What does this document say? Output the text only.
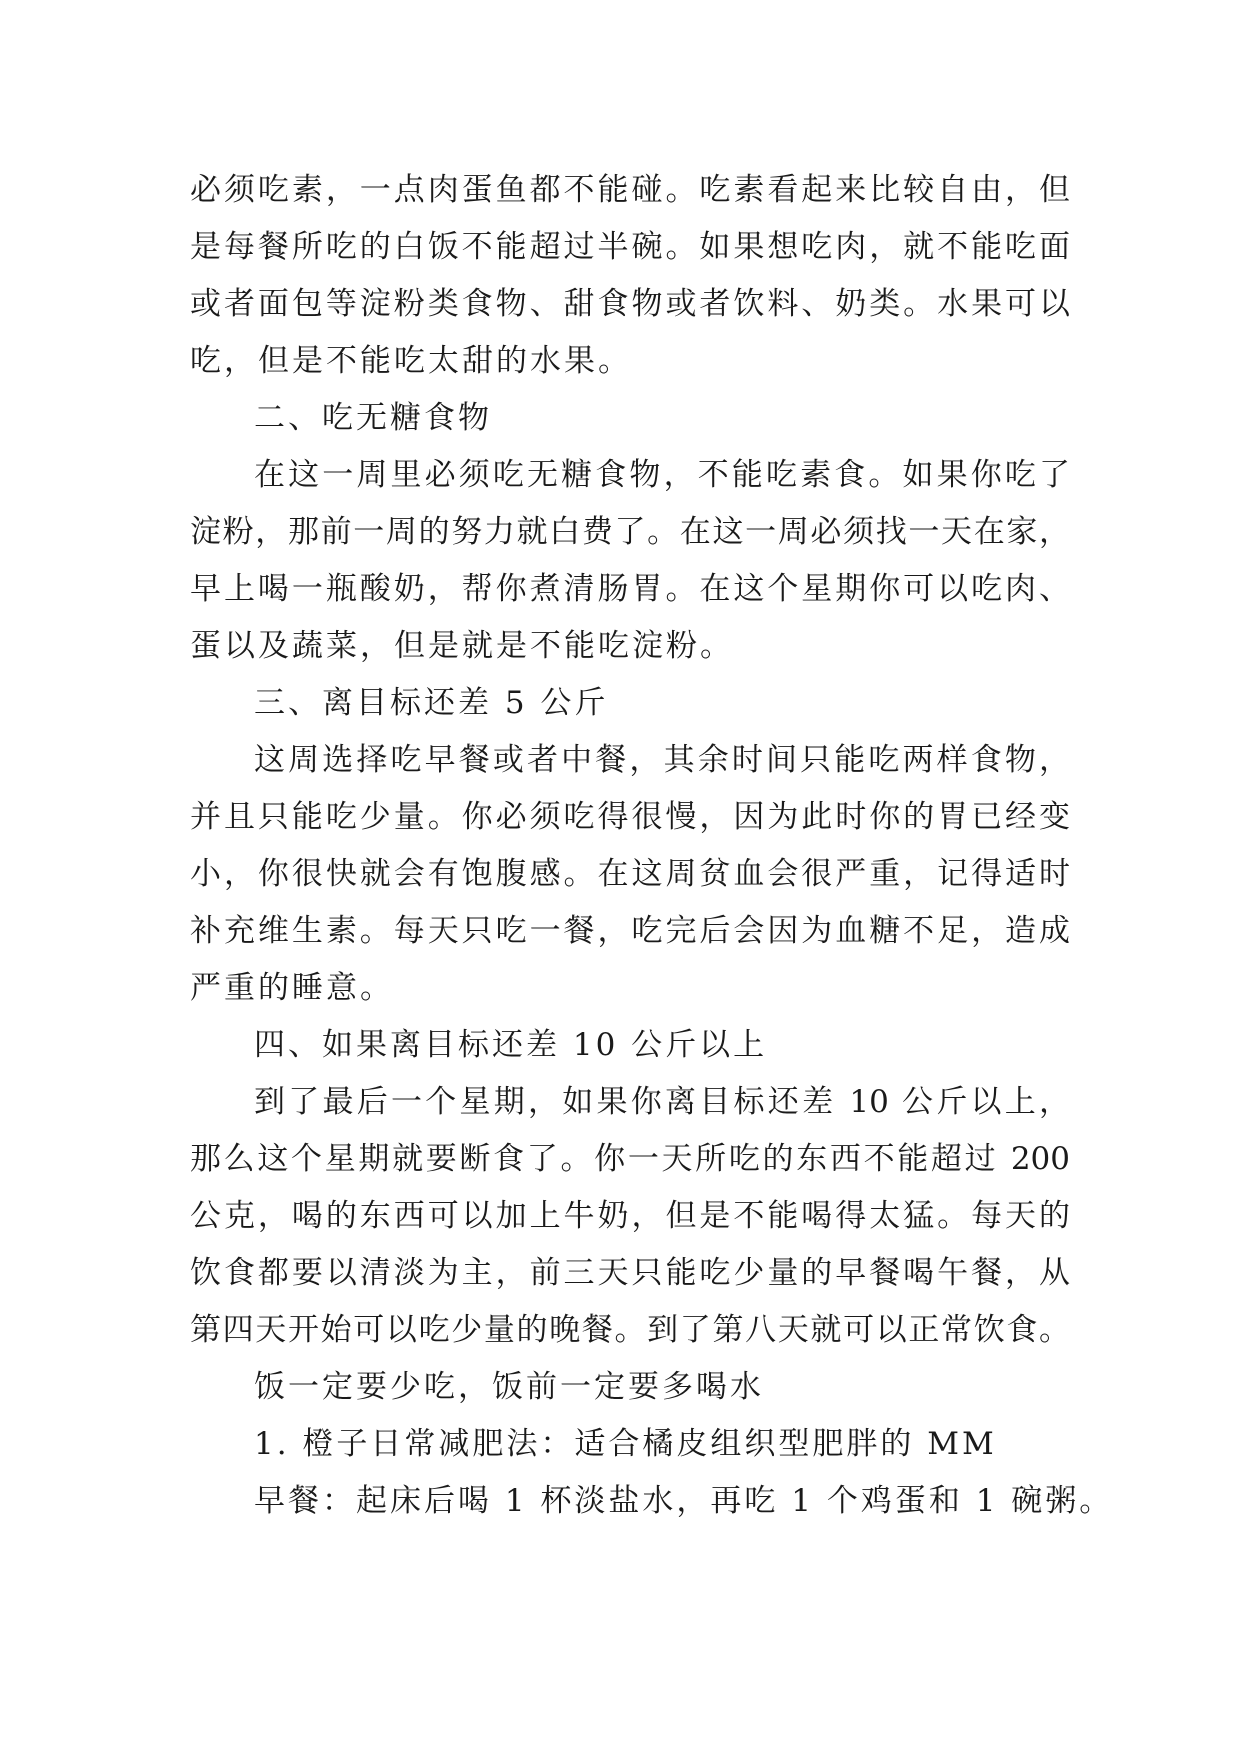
必须吃素，一点肉蛋鱼都不能碰。吃素看起来比较自由，但
是每餐所吃的白饭不能超过半碗。如果想吃肉，就不能吃面
或者面包等淀粉类食物、甜食物或者饮料、奶类。水果可以
吃，但是不能吃太甜的水果。
二、吃无糖食物
在这一周里必须吃无糖食物，不能吃素食。如果你吃了
淀粉，那前一周的努力就白费了。在这一周必须找一天在家，
早上喝一瓶酸奶，帮你煮清肠胃。在这个星期你可以吃肉、
蛋以及蔬菜，但是就是不能吃淀粉。
三、离目标还差 5 公斤
这周选择吃早餐或者中餐，其余时间只能吃两样食物，
并且只能吃少量。你必须吃得很慢，因为此时你的胃已经变
小，你很快就会有饱腹感。在这周贫血会很严重，记得适时
补充维生素。每天只吃一餐，吃完后会因为血糖不足，造成
严重的睡意。
四、如果离目标还差 10 公斤以上
到了最后一个星期，如果你离目标还差 10 公斤以上，
那么这个星期就要断食了。你一天所吃的东西不能超过 200
公克，喝的东西可以加上牛奶，但是不能喝得太猛。每天的
饮食都要以清淡为主，前三天只能吃少量的早餐喝午餐，从
第四天开始可以吃少量的晚餐。到了第八天就可以正常饮食。
饭一定要少吃，饭前一定要多喝水
1. 橙子日常减肥法：适合橘皮组织型肥胖的 MM
早餐：起床后喝 1 杯淡盐水，再吃 1 个鸡蛋和 1 碗粥。
